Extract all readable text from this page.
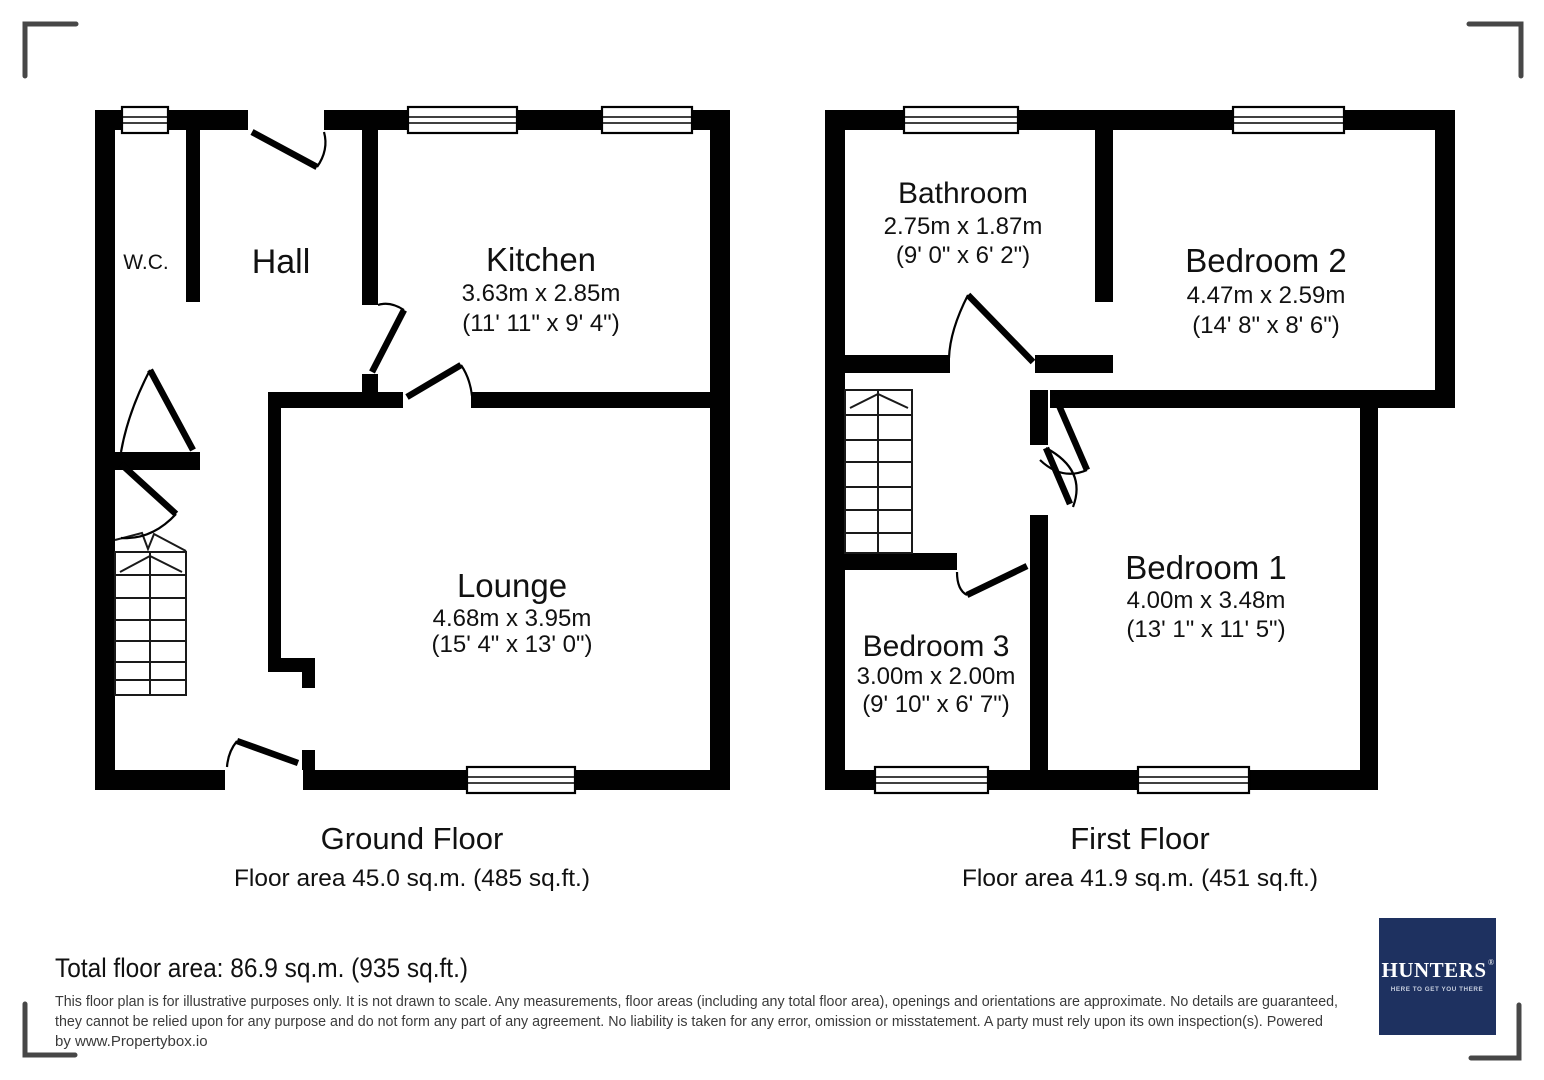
W.C. Hall	Kitchen
3.63m x 2.85m
(11' 11" x 9' 4")
Lounge
4.68m x 3.95m
(15' 4" x 13' 0")
Bathroom
2.75m x 1.87m
(9' 0" x 6' 2")	Bedroom 2
4.47m x 2.59m
(14' 8" x 8' 6")
Bedroom 1
4.00m x 3.48m
(13' 1" x 11' 5")
Bedroom 3
3.00m x 2.00m
(9' 10" x 6' 7")
Ground Floor
Floor area 45.0 sq.m. (485 sq.ft.)
First Floor
Floor area 41.9 sq.m. (451 sq.ft.)
Total floor area: 86.9 sq.m. (935 sq.ft.)
This floor plan is for illustrative purposes only. It is not drawn to scale. Any measurements, floor areas (including any total floor area), openings and orientations are approximate. No details are guaranteed,
they cannot be relied upon for any purpose and do not form any part of any agreement. No liability is taken for any error, omission or misstatement. A party must rely upon its own inspection(s). Powered
by www.Propertybox.io
HUNTERS ®
HERE TO GET YOU THERE
